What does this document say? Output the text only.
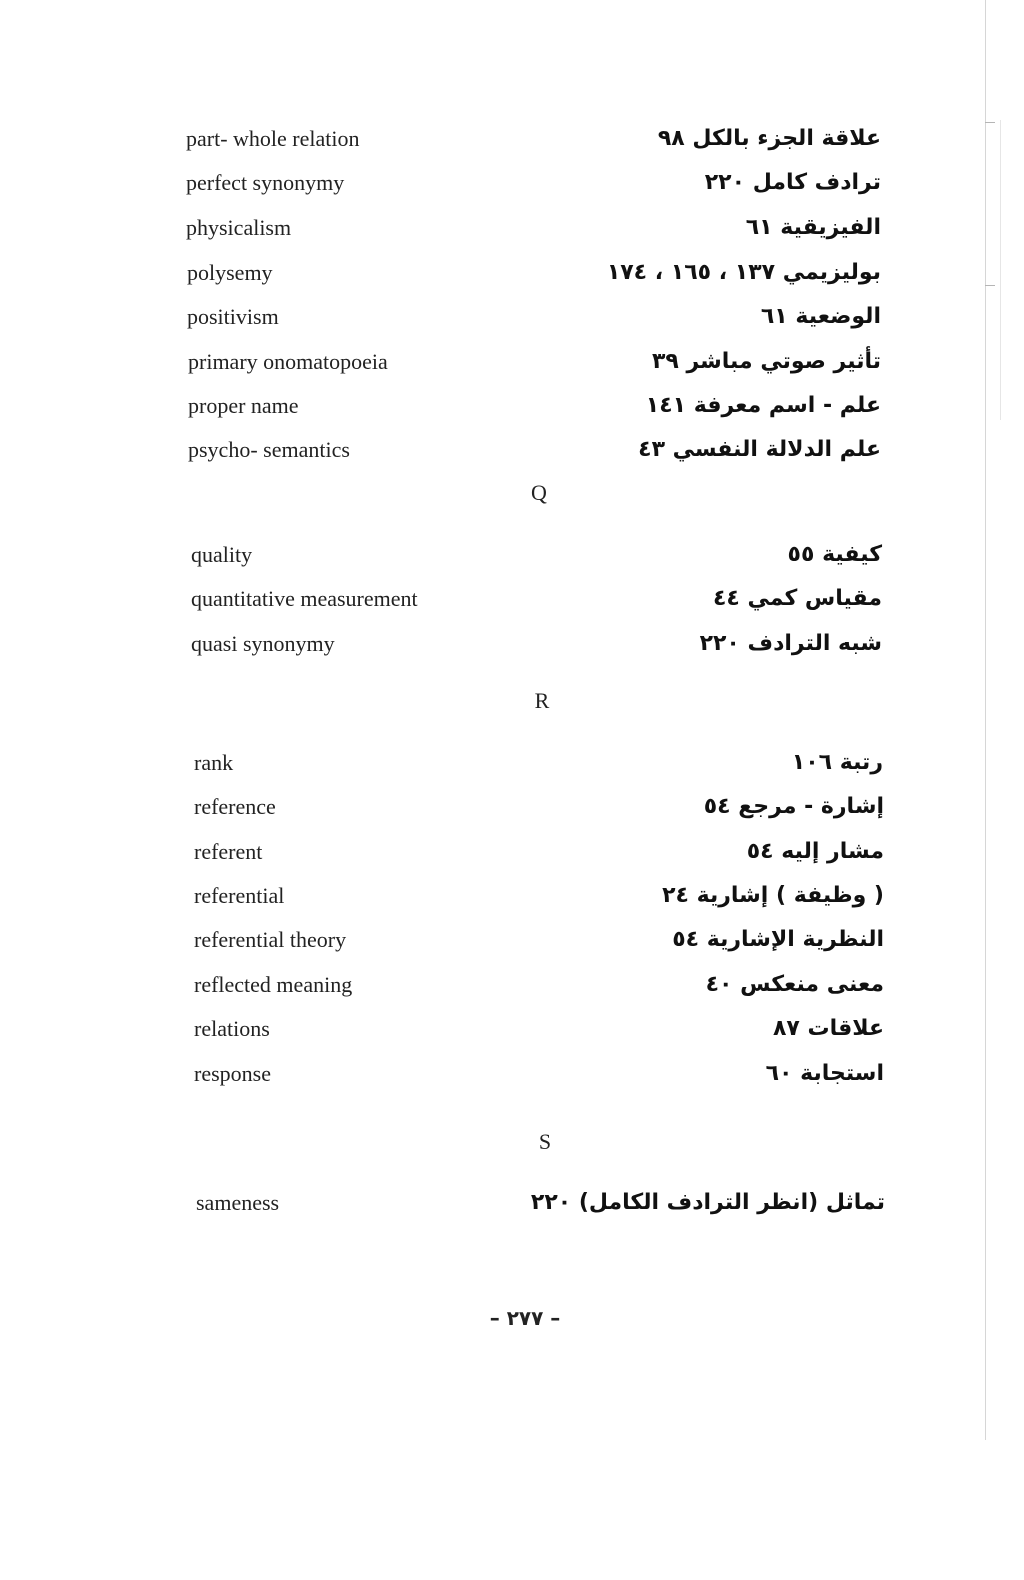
part- whole relation	علاقة الجزء بالكل ٩٨
perfect synonymy	ترادف كامل ٢٢٠
physicalism	الفيزيقية ٦١
polysemy	بوليزيمي ١٣٧ ، ١٦٥ ، ١٧٤
positivism	الوضعية ٦١
primary onomatopoeia	تأثير صوتي مباشر ٣٩
proper name	علم - اسم معرفة ١٤١
psycho- semantics	علم الدلالة النفسي ٤٣
Q
quality	كيفية ٥٥
quantitative measurement	مقياس كمي ٤٤
quasi synonymy	شبه الترادف ٢٢٠
R
rank	رتبة ١٠٦
reference	إشارة - مرجع ٥٤
referent	مشار إليه ٥٤
referential	( وظيفة ) إشارية ٢٤
referential theory	النظرية الإشارية ٥٤
reflected meaning	معنى منعكس ٤٠
relations	علاقات ٨٧
response	استجابة ٦٠
S
sameness	تماثل (انظر الترادف الكامل) ٢٢٠
– ٢٧٧ –
